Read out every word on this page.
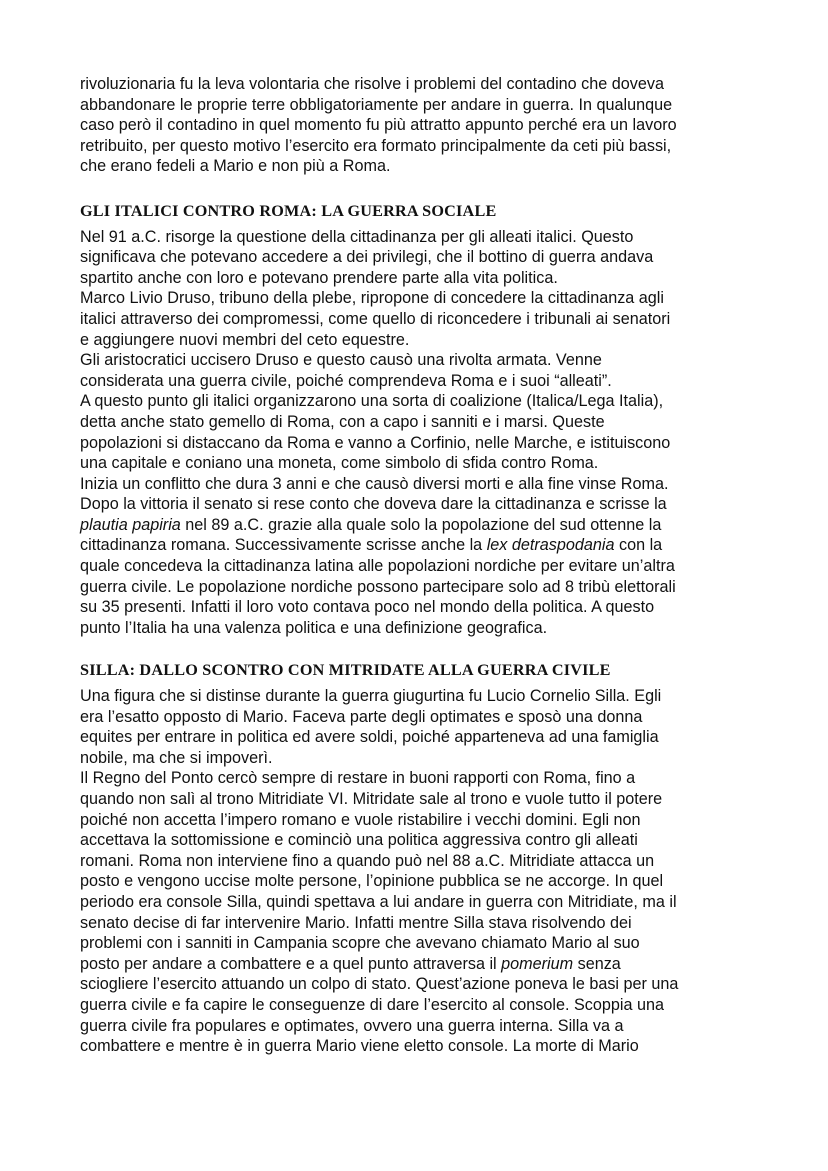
rivoluzionaria fu la leva volontaria che risolve i problemi del contadino che doveva
abbandonare le proprie terre obbligatoriamente per andare in guerra. In qualunque
caso però il contadino in quel momento fu più attratto appunto perché era un lavoro
retribuito, per questo motivo l’esercito era formato principalmente da ceti più bassi,
che erano fedeli a Mario e non più a Roma.
GLI ITALICI CONTRO ROMA: LA GUERRA SOCIALE
Nel 91 a.C. risorge la questione della cittadinanza per gli alleati italici. Questo
significava che potevano accedere a dei privilegi, che il bottino di guerra andava
spartito anche con loro e potevano prendere parte alla vita politica.
Marco Livio Druso, tribuno della plebe, ripropone di concedere la cittadinanza agli
italici attraverso dei compromessi, come quello di riconcedere i tribunali ai senatori
e aggiungere nuovi membri del ceto equestre.
Gli aristocratici uccisero Druso e questo causò una rivolta armata. Venne
considerata una guerra civile, poiché comprendeva Roma e i suoi “alleati”.
A questo punto gli italici organizzarono una sorta di coalizione (Italica/Lega Italia),
detta anche stato gemello di Roma, con a capo i sanniti e i marsi. Queste
popolazioni si distaccano da Roma e vanno a Corfinio, nelle Marche, e istituiscono
una capitale e coniano una moneta, come simbolo di sfida contro Roma.
Inizia un conflitto che dura 3 anni e che causò diversi morti e alla fine vinse Roma.
Dopo la vittoria il senato si rese conto che doveva dare la cittadinanza e scrisse la
plautia papiria nel 89 a.C. grazie alla quale solo la popolazione del sud ottenne la
cittadinanza romana. Successivamente scrisse anche la lex detraspodania con la
quale concedeva la cittadinanza latina alle popolazioni nordiche per evitare un’altra
guerra civile. Le popolazione nordiche possono partecipare solo ad 8 tribù elettorali
su 35 presenti. Infatti il loro voto contava poco nel mondo della politica. A questo
punto l’Italia ha una valenza politica e una definizione geografica.
SILLA: DALLO SCONTRO CON MITRIDATE ALLA GUERRA CIVILE
Una figura che si distinse durante la guerra giugurtina fu Lucio Cornelio Silla. Egli
era l’esatto opposto di Mario. Faceva parte degli optimates e sposò una donna
equites per entrare in politica ed avere soldi, poiché apparteneva ad una famiglia
nobile, ma che si impoverì.
Il Regno del Ponto cercò sempre di restare in buoni rapporti con Roma, fino a
quando non salì al trono Mitridiate VI. Mitridate sale al trono e vuole tutto il potere
poiché non accetta l’impero romano e vuole ristabilire i vecchi domini. Egli non
accettava la sottomissione e cominciò una politica aggressiva contro gli alleati
romani. Roma non interviene fino a quando può nel 88 a.C. Mitridiate attacca un
posto e vengono uccise molte persone, l’opinione pubblica se ne accorge. In quel
periodo era console Silla, quindi spettava a lui andare in guerra con Mitridiate, ma il
senato decise di far intervenire Mario. Infatti mentre Silla stava risolvendo dei
problemi con i sanniti in Campania scopre che avevano chiamato Mario al suo
posto per andare a combattere e a quel punto attraversa il pomerium senza
sciogliere l’esercito attuando un colpo di stato. Quest’azione poneva le basi per una
guerra civile e fa capire le conseguenze di dare l’esercito al console. Scoppia una
guerra civile fra populares e optimates, ovvero una guerra interna. Silla va a
combattere e mentre è in guerra Mario viene eletto console. La morte di Mario
